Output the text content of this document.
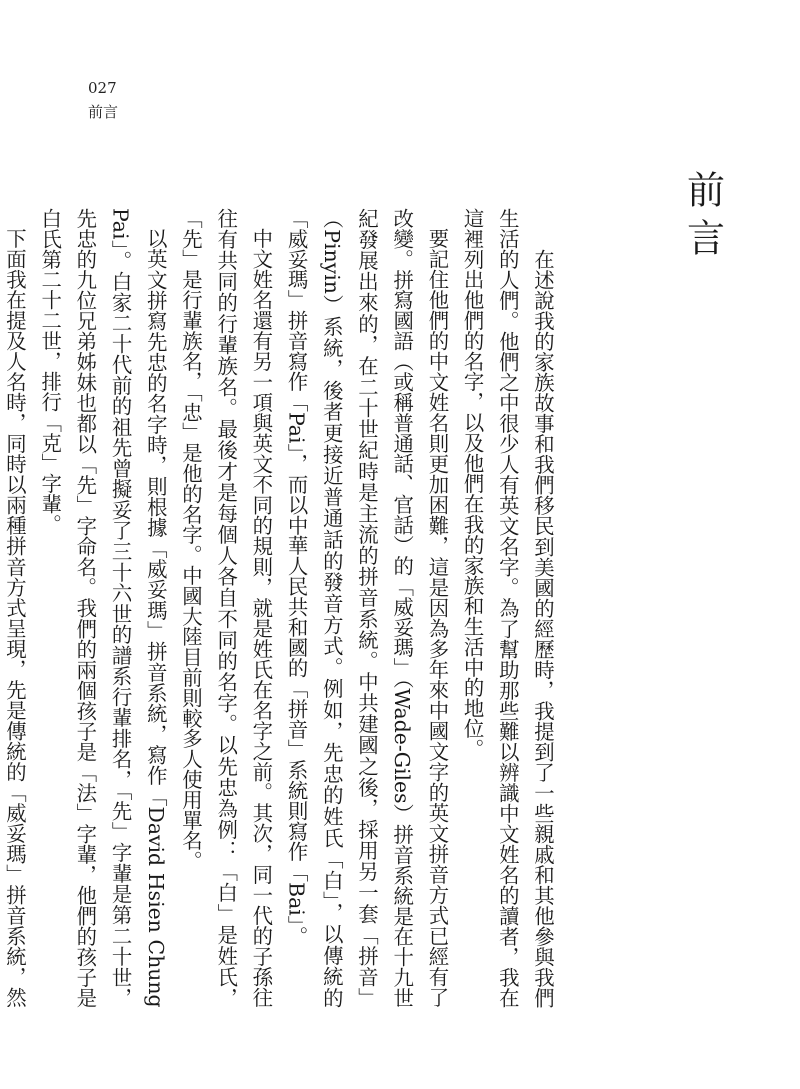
027
前言
前言

在述說我的家族故事和我們移民到美國的經歷時，我提到了一些親戚和其他參與我們生活的人們。他們之中很少人有英文名字。為了幫助那些難以辨識中文姓名的讀者，我在這裡列出他們的名字，以及他們在我的家族和生活中的地位。

要記住他們的中文姓名則更加困難，這是因為多年來中國文字的英文拼音方式已經有了改變。拼寫國語（或稱普通話、官話）的「威妥瑪」（Wade-Giles）拼音系統是在十九世紀發展出來的，在二十世紀時是主流的拼音系統。中共建國之後，採用另一套「拼音」（Pinyin）系統，後者更接近普通話的發音方式。例如，先忠的姓氏「白」，以傳統的「威妥瑪」拼音寫作「Pai」，而以中華人民共和國的「拼音」系統則寫作「Bai」。

中文姓名還有另一項與英文不同的規則，就是姓氏在名字之前。其次，同一代的子孫往往有共同的行輩族名。最後才是每個人各自不同的名字。以先忠為例：「白」是姓氏，「先」是行輩族名，「忠」是他的名字。中國大陸目前則較多人使用單名。

以英文拼寫先忠的名字時，則根據「威妥瑪」拼音系統，寫作「David Hsien Chung Pai」。白家二十代前的祖先曾擬妥了三十六世的譜系行輩排名，「先」字輩是第二十世，先忠的九位兄弟姊妹也都以「先」字命名。我們的兩個孩子是「法」字輩，他們的孩子是白氏第二十二世，排行「克」字輩。

下面我在提及人名時，同時以兩種拼音方式呈現，先是傳統的「威妥瑪」拼音系統，然
